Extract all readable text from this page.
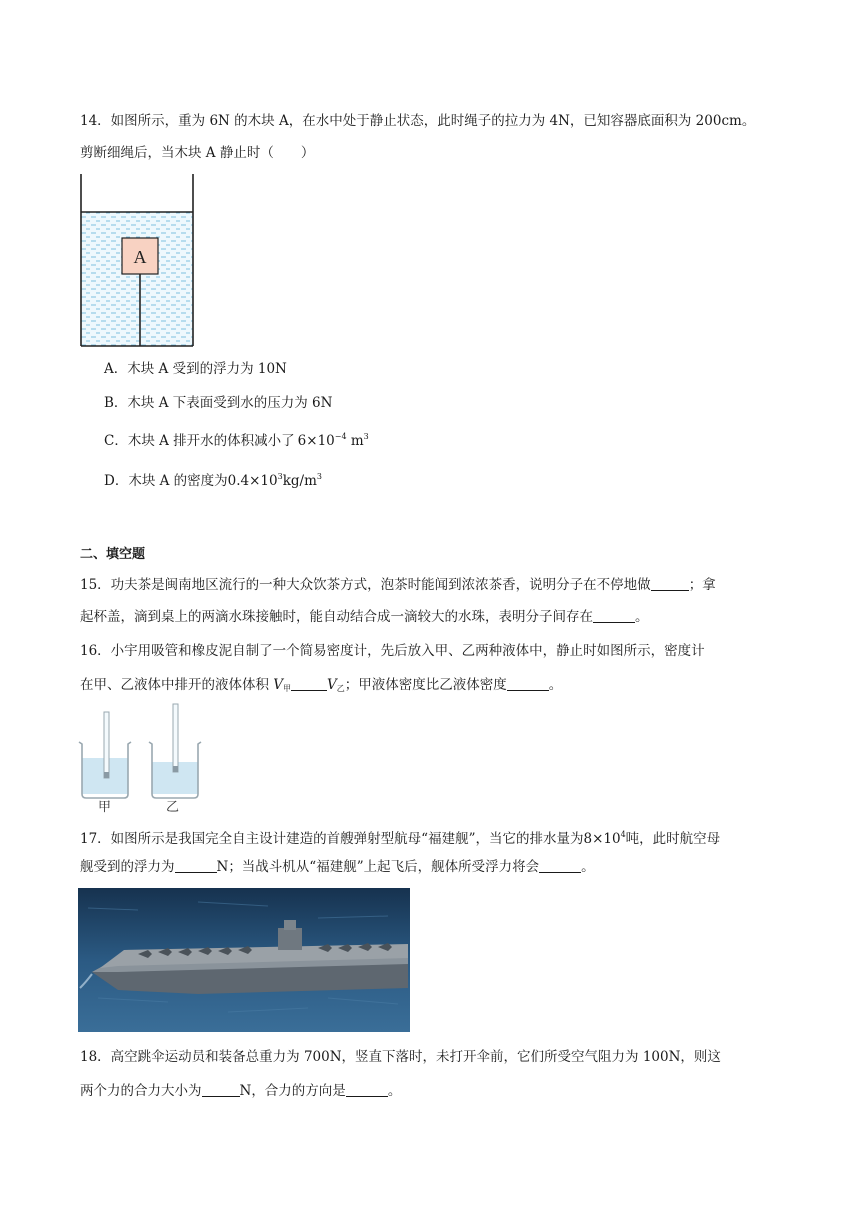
14．如图所示，重为 6N 的木块 A，在水中处于静止状态，此时绳子的拉力为 4N，已知容器底面积为 200cm。
剪断细绳后，当木块 A 静止时（　　）
A
A．木块 A 受到的浮力为 10N
B．木块 A 下表面受到水的压力为 6N
C．木块 A 排开水的体积减小了 $6\times 10^{-4}$ $m^3$
D．木块 A 的密度为$0.4\times 10^3kg/m^3$
二、填空题
15．功夫茶是闽南地区流行的一种大众饮茶方式，泡茶时能闻到浓浓茶香，说明分子在不停地做	；拿
起杯盖，滴到桌上的两滴水珠接触时，能自动结合成一滴较大的水珠，表明分子间存在	。
16．小宇用吸管和橡皮泥自制了一个简易密度计，先后放入甲、乙两种液体中，静止时如图所示，密度计
在甲、乙液体中排开的液体体积 $V_甲$	$V_乙$；甲液体密度比乙液体密度	。
甲	乙
17．如图所示是我国完全自主设计建造的首艘弹射型航母“福建舰”，当它的排水量为$8\times 10^4$吨，此时航空母
舰受到的浮力为	N；当战斗机从“福建舰”上起飞后，舰体所受浮力将会	。
18．高空跳伞运动员和装备总重力为 700N，竖直下落时，未打开伞前，它们所受空气阻力为 100N，则这
两个力的合力大小为	N，合力的方向是	。
